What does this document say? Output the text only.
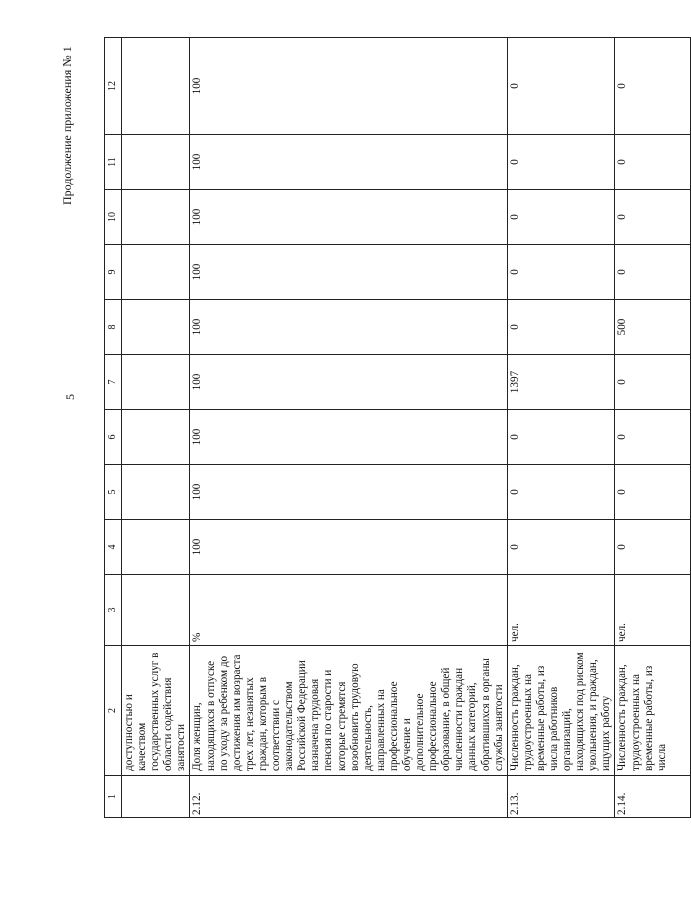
5
Продолжение приложения № 1
1	2	3	4	5	6	7	8	9	10	11	12
	доступностью и качеством государственных услуг в области содействия занятости										
2.12.	Доля женщин, находящихся в отпуске по уходу за ребенком до достижения им возраста трех лет, незанятых граждан, которым в соответствии с законодательством Российской Федерации назначена трудовая пенсия по старости и которые стремятся возобновить трудовую деятельность, направленных на профессиональное обучение и дополнительное профессиональное образование, в общей численности граждан данных категорий, обратившихся в органы службы занятости	%	100	100	100	100	100	100	100	100	100
2.13.	Численность граждан, трудоустроенных на временные работы, из числа работников организаций, находящихся под риском увольнения, и граждан, ищущих работу	чел.	0	0	0	1397	0	0	0	0	0
2.14.	Численность граждан, трудоустроенных на временные работы, из числа	чел.	0	0	0	0	500	0	0	0	0
